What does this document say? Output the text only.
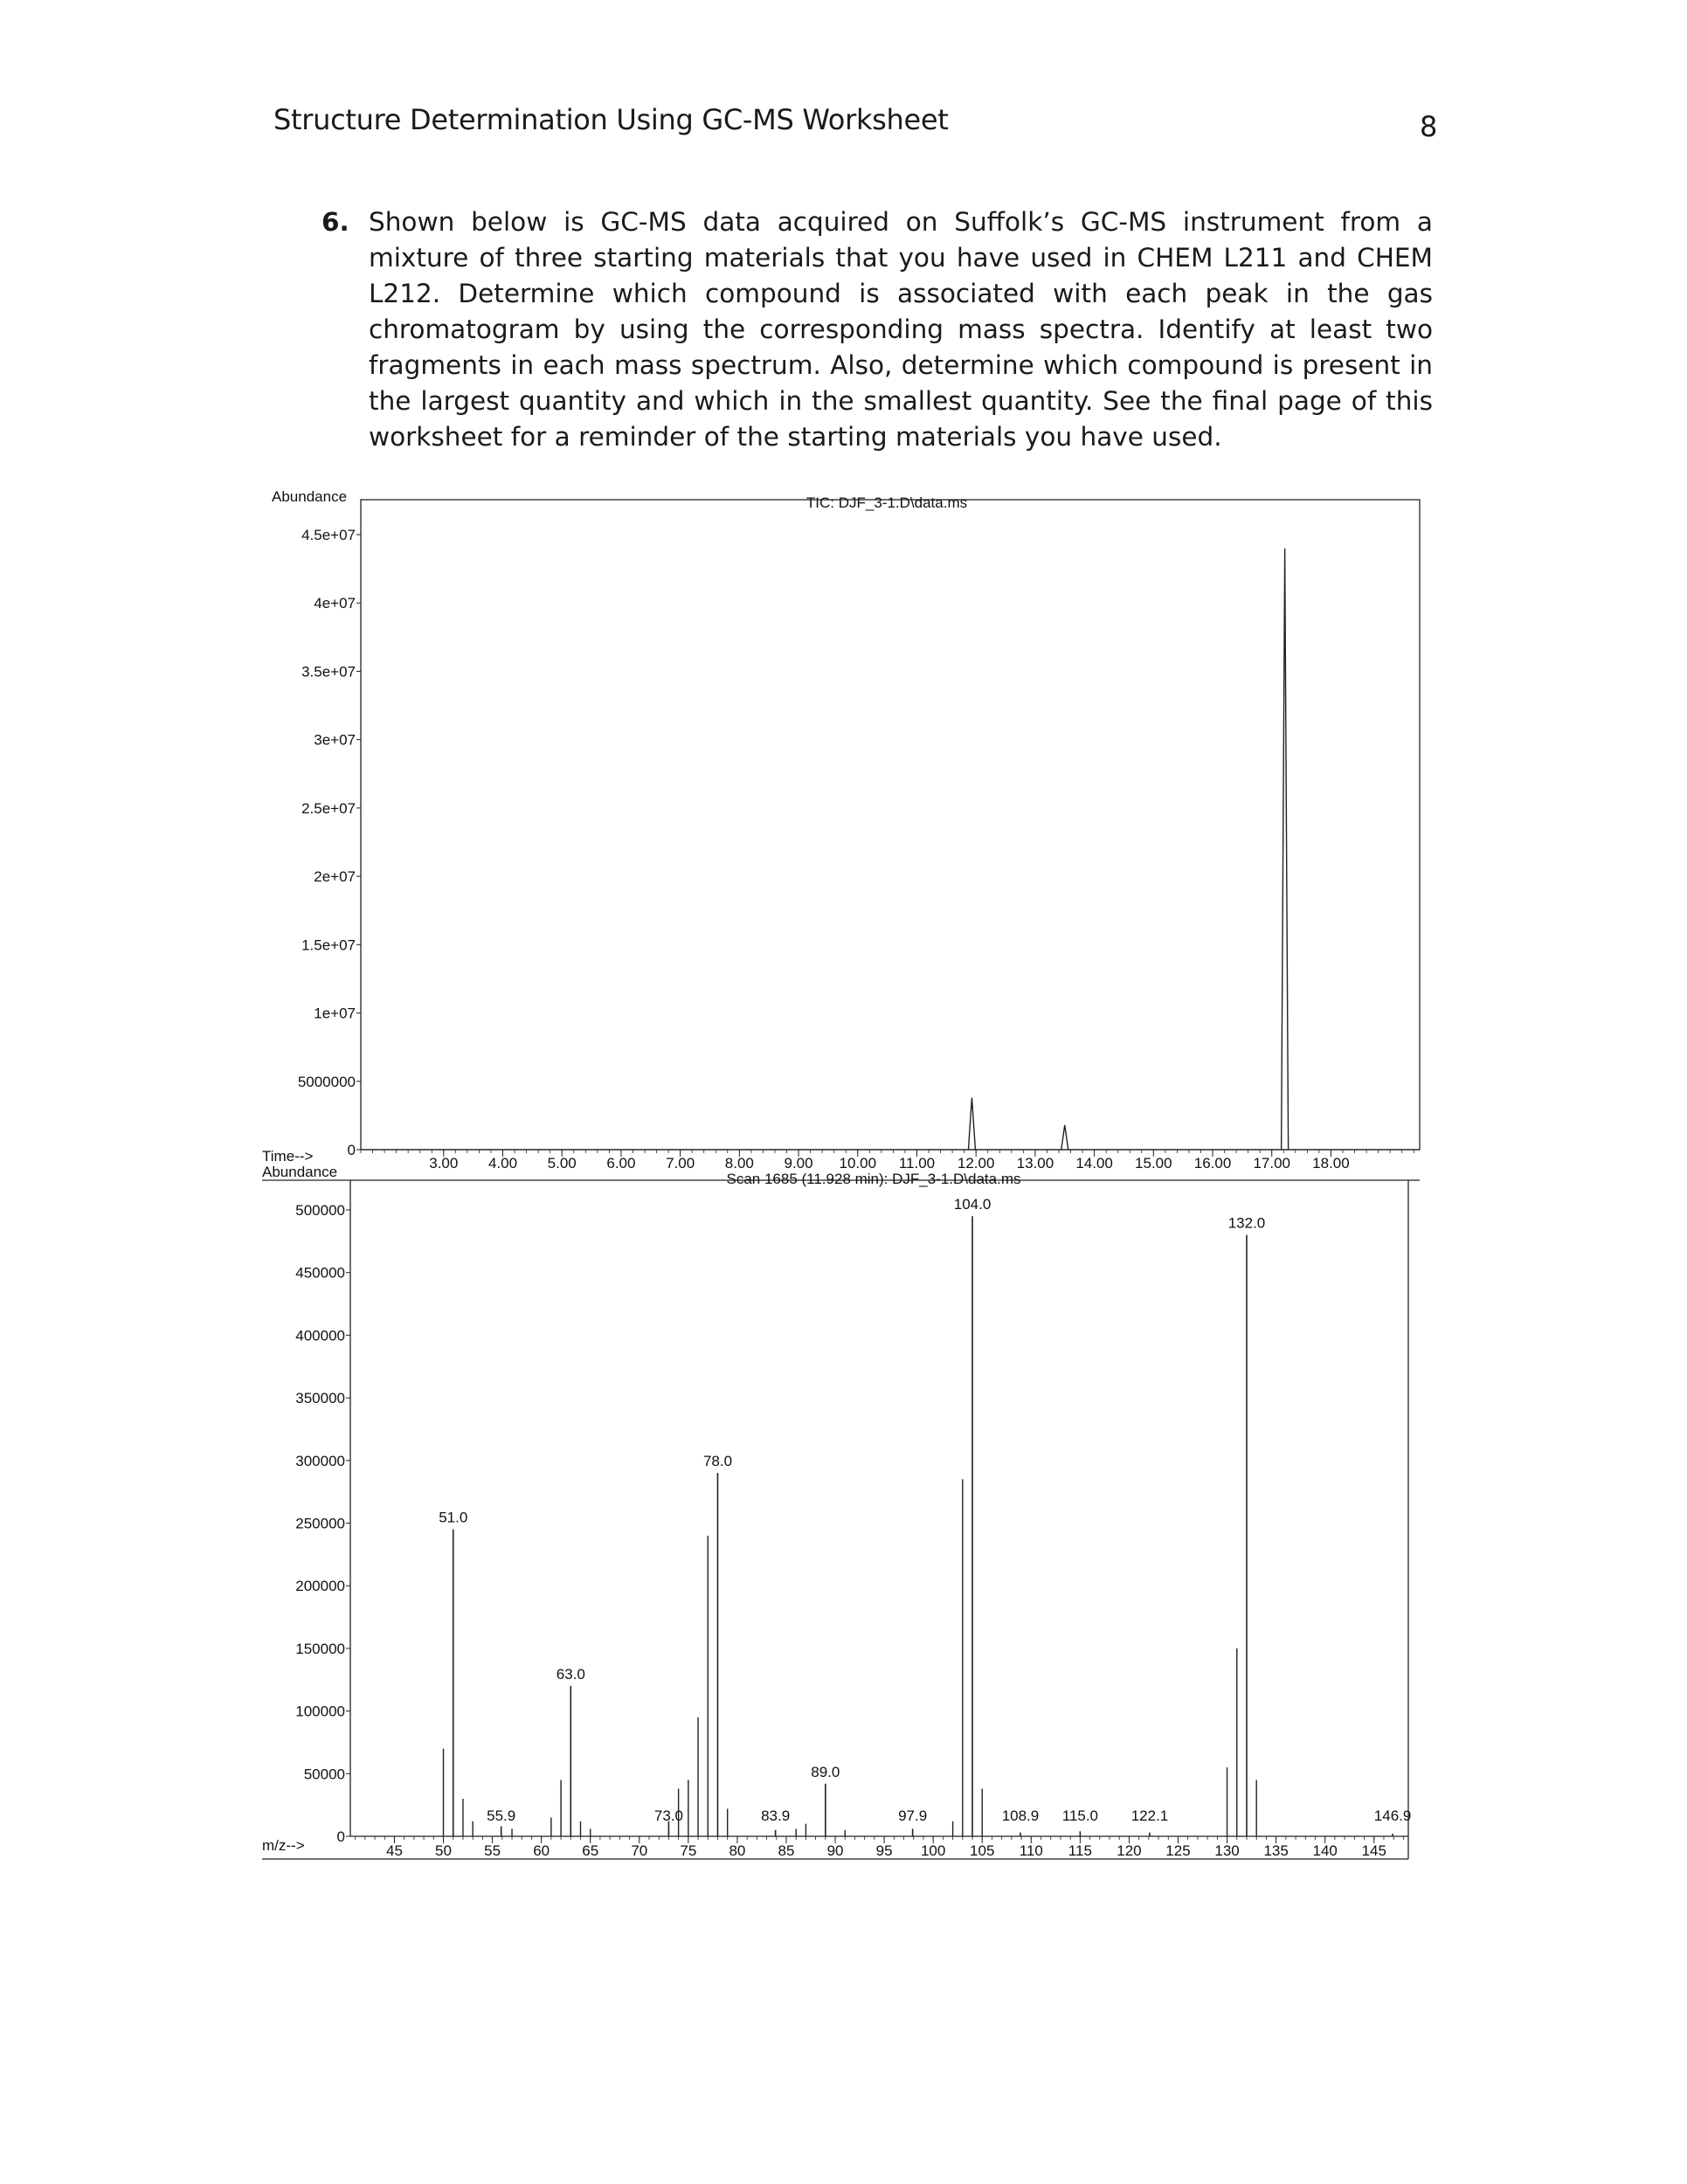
Structure Determination Using GC-MS Worksheet	8
6. Shown below is GC-MS data acquired on Suffolk’s GC-MS instrument from a mixture of three starting materials that you have used in CHEM L211 and CHEM L212. Determine which compound is associated with each peak in the gas chromatogram by using the corresponding mass spectra. Identify at least two fragments in each mass spectrum. Also, determine which compound is present in the largest quantity and which in the smallest quantity. See the final page of this worksheet for a reminder of the starting materials you have used.
TIC: DJF_3-1.D\data.ms
Abundance
Time--> 0
5000000
1e+07
1.5e+07
2e+07
2.5e+07
3e+07
3.5e+07
4e+07
4.5e+07
3.00 4.00 5.00 6.00 7.00 8.00 9.00 10.00 11.00 12.00 13.00 14.00 15.00 16.00 17.00 18.00
Scan 1685 (11.928 min): DJF_3-1.D\data.ms
Abundance
m/z-->
0
50000
100000
150000
200000
250000
300000
350000
400000
450000
500000
45 50 55 60 65 70 75 80 85 90 95 100 105 110 115 120 125 130 135 140 145
51.0
55.9
63.0
73.0
78.0
83.9
89.0
97.9
104.0
108.9 115.0 122.1
132.0
146.9
